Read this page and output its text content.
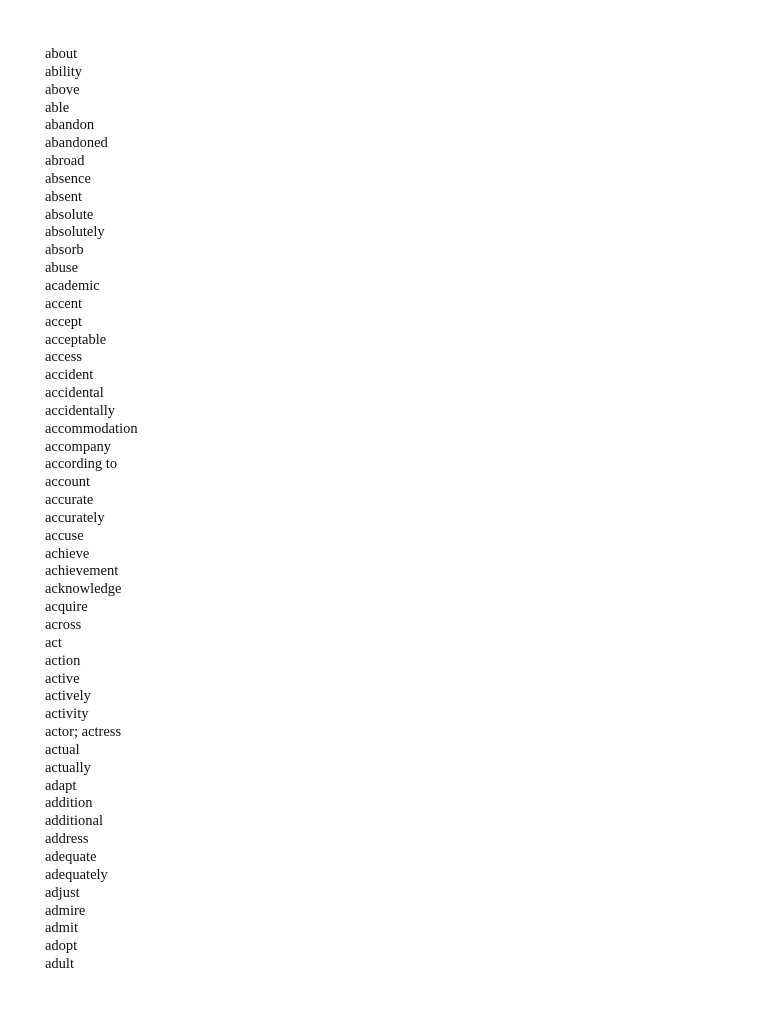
about
ability
above
able
abandon
abandoned
abroad
absence
absent
absolute
absolutely
absorb
abuse
academic
accent
accept
acceptable
access
accident
accidental
accidentally
accommodation
accompany
according to
account
accurate
accurately
accuse
achieve
achievement
acknowledge
acquire
across
act
action
active
actively
activity
actor; actress
actual
actually
adapt
addition
additional
address
adequate
adequately
adjust
admire
admit
adopt
adult
